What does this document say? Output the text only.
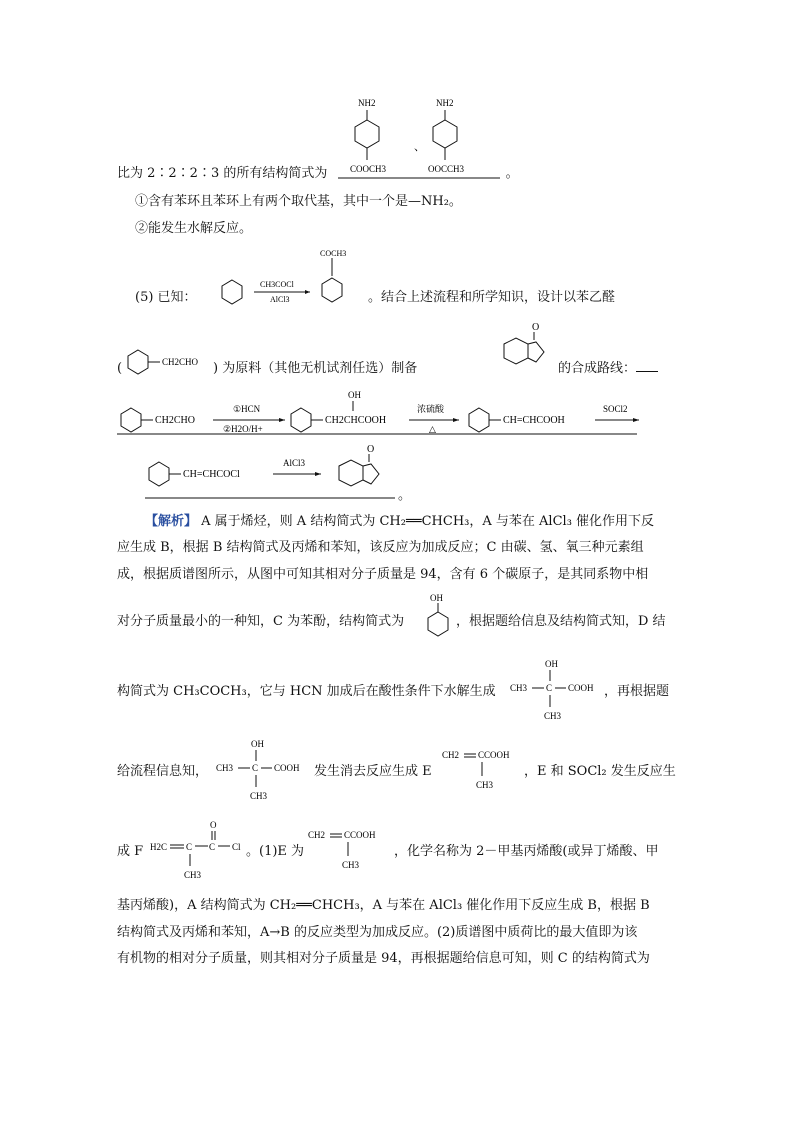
NH2
COOCH3
NH2
OOCCH3
、
比为 2∶2∶2∶3 的所有结构简式为	。
①含有苯环且苯环上有两个取代基，其中一个是—NH₂。
②能发生水解反应。
(5) 已知：
CH3COCl
AlCl3
COCH3
。结合上述流程和所学知识，设计以苯乙醛
(	CH2CHO ) 为原料（其他无机试剂任选）制备
O
的合成路线：
CH2CHO
①HCN
②H2O/H+
OH
CH2CHCOOH
浓硫酸
△
CH=CHCOOH
SOCl2
CH=CHCOCl
AlCl3
O
。
【解析】 A 属于烯烃，则 A 结构简式为 CH₂══CHCH₃，A 与苯在 AlCl₃ 催化作用下反
应生成 B，根据 B 结构简式及丙烯和苯知，该反应为加成反应；C 由碳、氢、氧三种元素组
成，根据质谱图所示，从图中可知其相对分子质量是 94，含有 6 个碳原子，是其同系物中相
对分子质量最小的一种知，C 为苯酚，结构简式为
OH
，根据题给信息及结构简式知，D 结
构简式为 CH₃COCH₃，它与 HCN 加成后在酸性条件下水解生成
OH
CH3 C COOH
CH3
，再根据题
给流程信息知，
OH
CH3 C COOH
CH3
发生消去反应生成 E
CH2 CCOOH
CH3
，E 和 SOCl₂ 发生反应生
成 F
O
H2C C C Cl
CH3
。(1)E 为
CH2 CCOOH
CH3
，化学名称为 2－甲基丙烯酸(或异丁烯酸、甲
基丙烯酸)，A 结构简式为 CH₂══CHCH₃，A 与苯在 AlCl₃ 催化作用下反应生成 B，根据 B
结构简式及丙烯和苯知，A→B 的反应类型为加成反应。(2)质谱图中质荷比的最大值即为该
有机物的相对分子质量，则其相对分子质量是 94，再根据题给信息可知，则 C 的结构简式为
